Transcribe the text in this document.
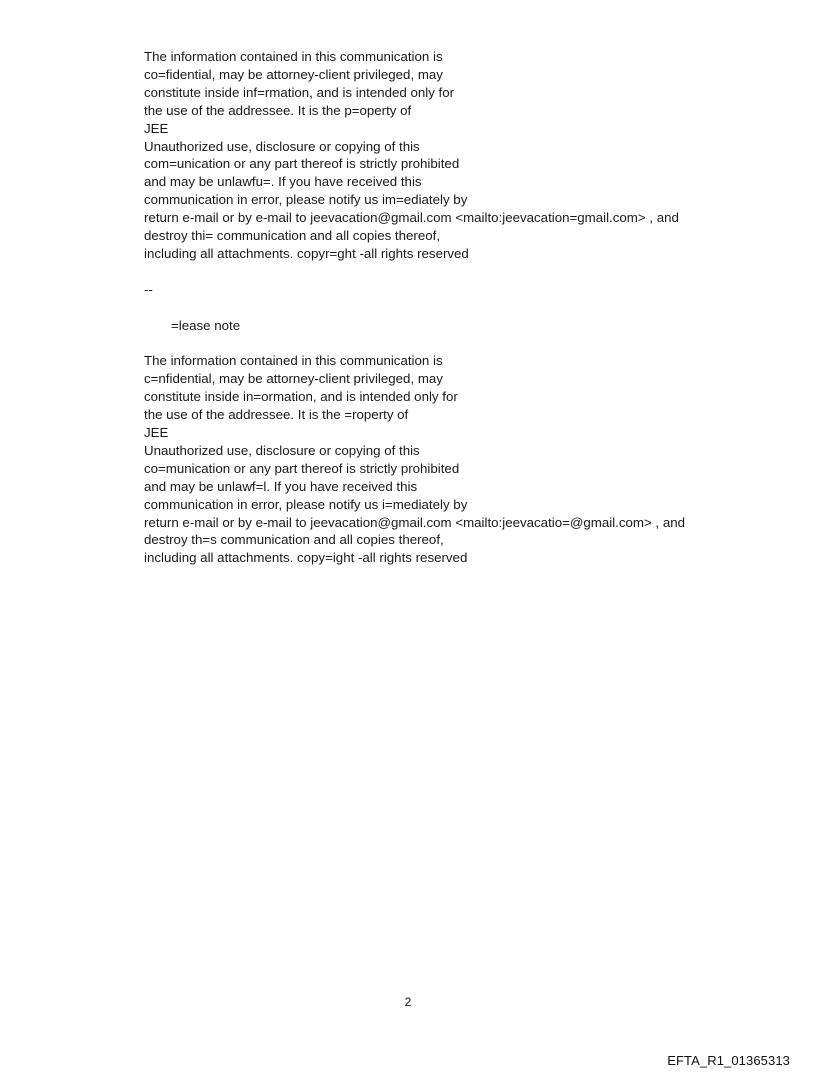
The information contained in this communication is
co=fidential, may be attorney-client privileged, may
constitute inside inf=rmation, and is intended only for
the use of the addressee. It is the p=operty of
JEE
Unauthorized use, disclosure or copying of this
com=unication or any part thereof is strictly prohibited
and may be unlawfu=. If you have received this
communication in error, please notify us im=ediately by
return e-mail or by e-mail to jeevacation@gmail.com <mailto:jeevacation=gmail.com> , and
destroy thi= communication and all copies thereof,
including all attachments. copyr=ght -all rights reserved
--
=lease note
The information contained in this communication is
c=nfidential, may be attorney-client privileged, may
constitute inside in=ormation, and is intended only for
the use of the addressee. It is the =roperty of
JEE
Unauthorized use, disclosure or copying of this
co=munication or any part thereof is strictly prohibited
and may be unlawf=l. If you have received this
communication in error, please notify us i=mediately by
return e-mail or by e-mail to jeevacation@gmail.com <mailto:jeevacatio=@gmail.com> , and
destroy th=s communication and all copies thereof,
including all attachments. copy=ight -all rights reserved
2
EFTA_R1_01365313
